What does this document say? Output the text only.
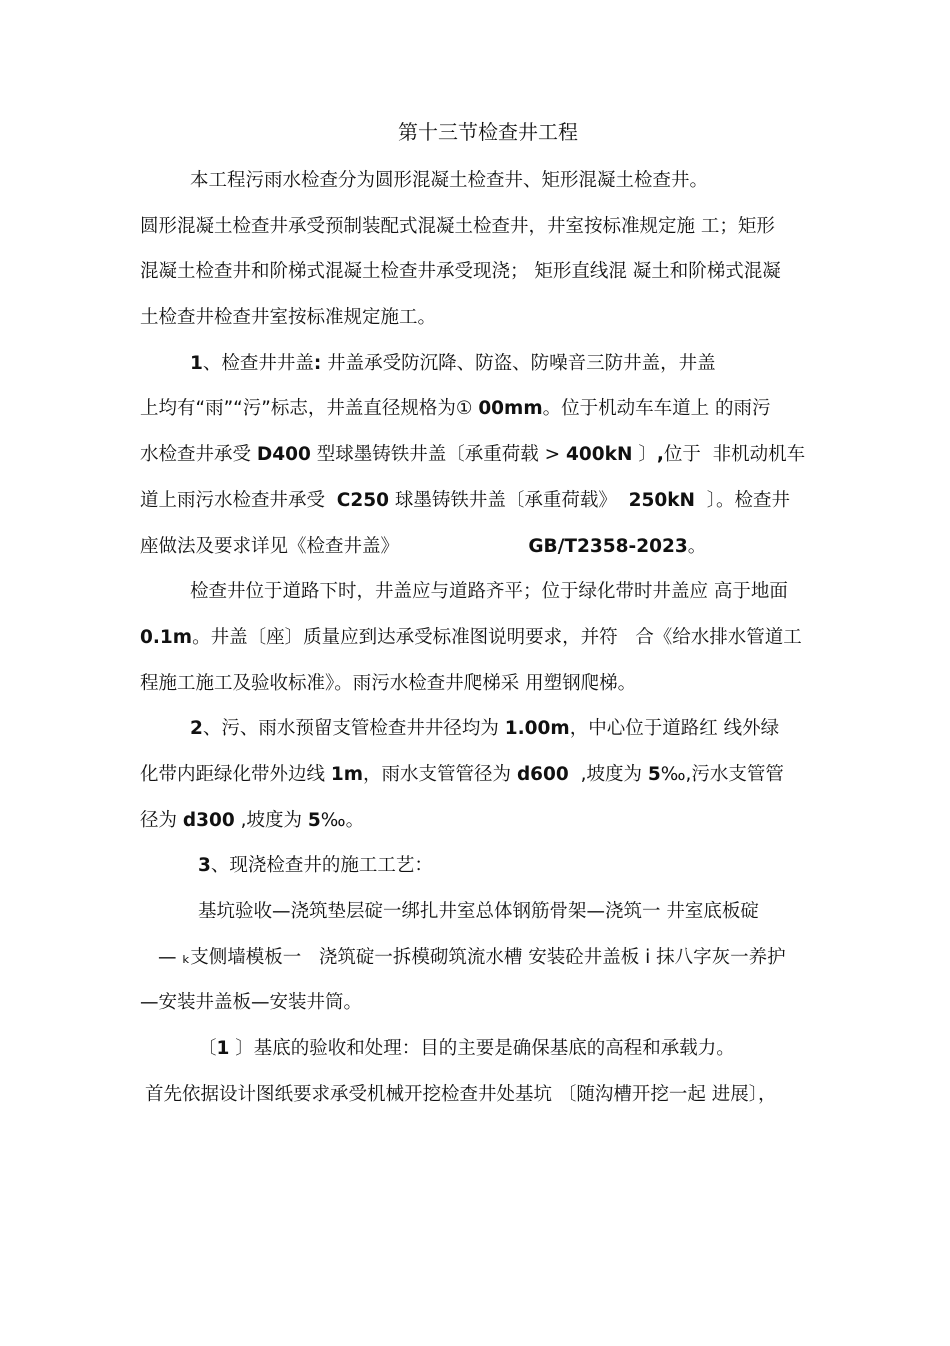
第十三节检查井工程
本工程污雨水检查分为圆形混凝土检查井、矩形混凝土检查井。
圆形混凝土检查井承受预制装配式混凝土检查井，井室按标准规定施 工；矩形
混凝土检查井和阶梯式混凝土检查井承受现浇； 矩形直线混 凝土和阶梯式混凝
土检查井检查井室按标准规定施工。
1、检查井井盖: 井盖承受防沉降、防盗、防噪音三防井盖，井盖
上均有“雨”“污”标志，井盖直径规格为① 00mm。位于机动车车道上 的雨污
水检查井承受 D400 型球墨铸铁井盖〔承重荷载 > 400kN 〕,位于  非机动机车
道上雨污水检查井承受  C250 球墨铸铁井盖〔承重荷载》  250kN  〕。检查井
座做法及要求详见《检查井盖》                      GB/T2358-2023。
检查井位于道路下时，井盖应与道路齐平；位于绿化带时井盖应 高于地面
0.1m。井盖〔座〕质量应到达承受标准图说明要求，并符   合《给水排水管道工
程施工施工及验收标准》。雨污水检查井爬梯采 用塑钢爬梯。
2、污、雨水预留支管检查井井径均为 1.00m，中心位于道路红 线外绿
化带内距绿化带外边线 1m，雨水支管管径为 d600  ,坡度为 5‰,污水支管管
径为 d300 ,坡度为 5‰。
3、现浇检查井的施工工艺：
基坑验收—浇筑垫层碇一绑扎井室总体钢筋骨架—浇筑一 井室底板碇
— ₖ支侧墙模板一   浇筑碇一拆模砌筑流水槽 安装砼井盖板 i 抹八字灰一养护
—安装井盖板—安装井筒。
〔1 〕基底的验收和处理：目的主要是确保基底的高程和承载力。
首先依据设计图纸要求承受机械开挖检查井处基坑 〔随沟槽开挖一起 进展〕，
